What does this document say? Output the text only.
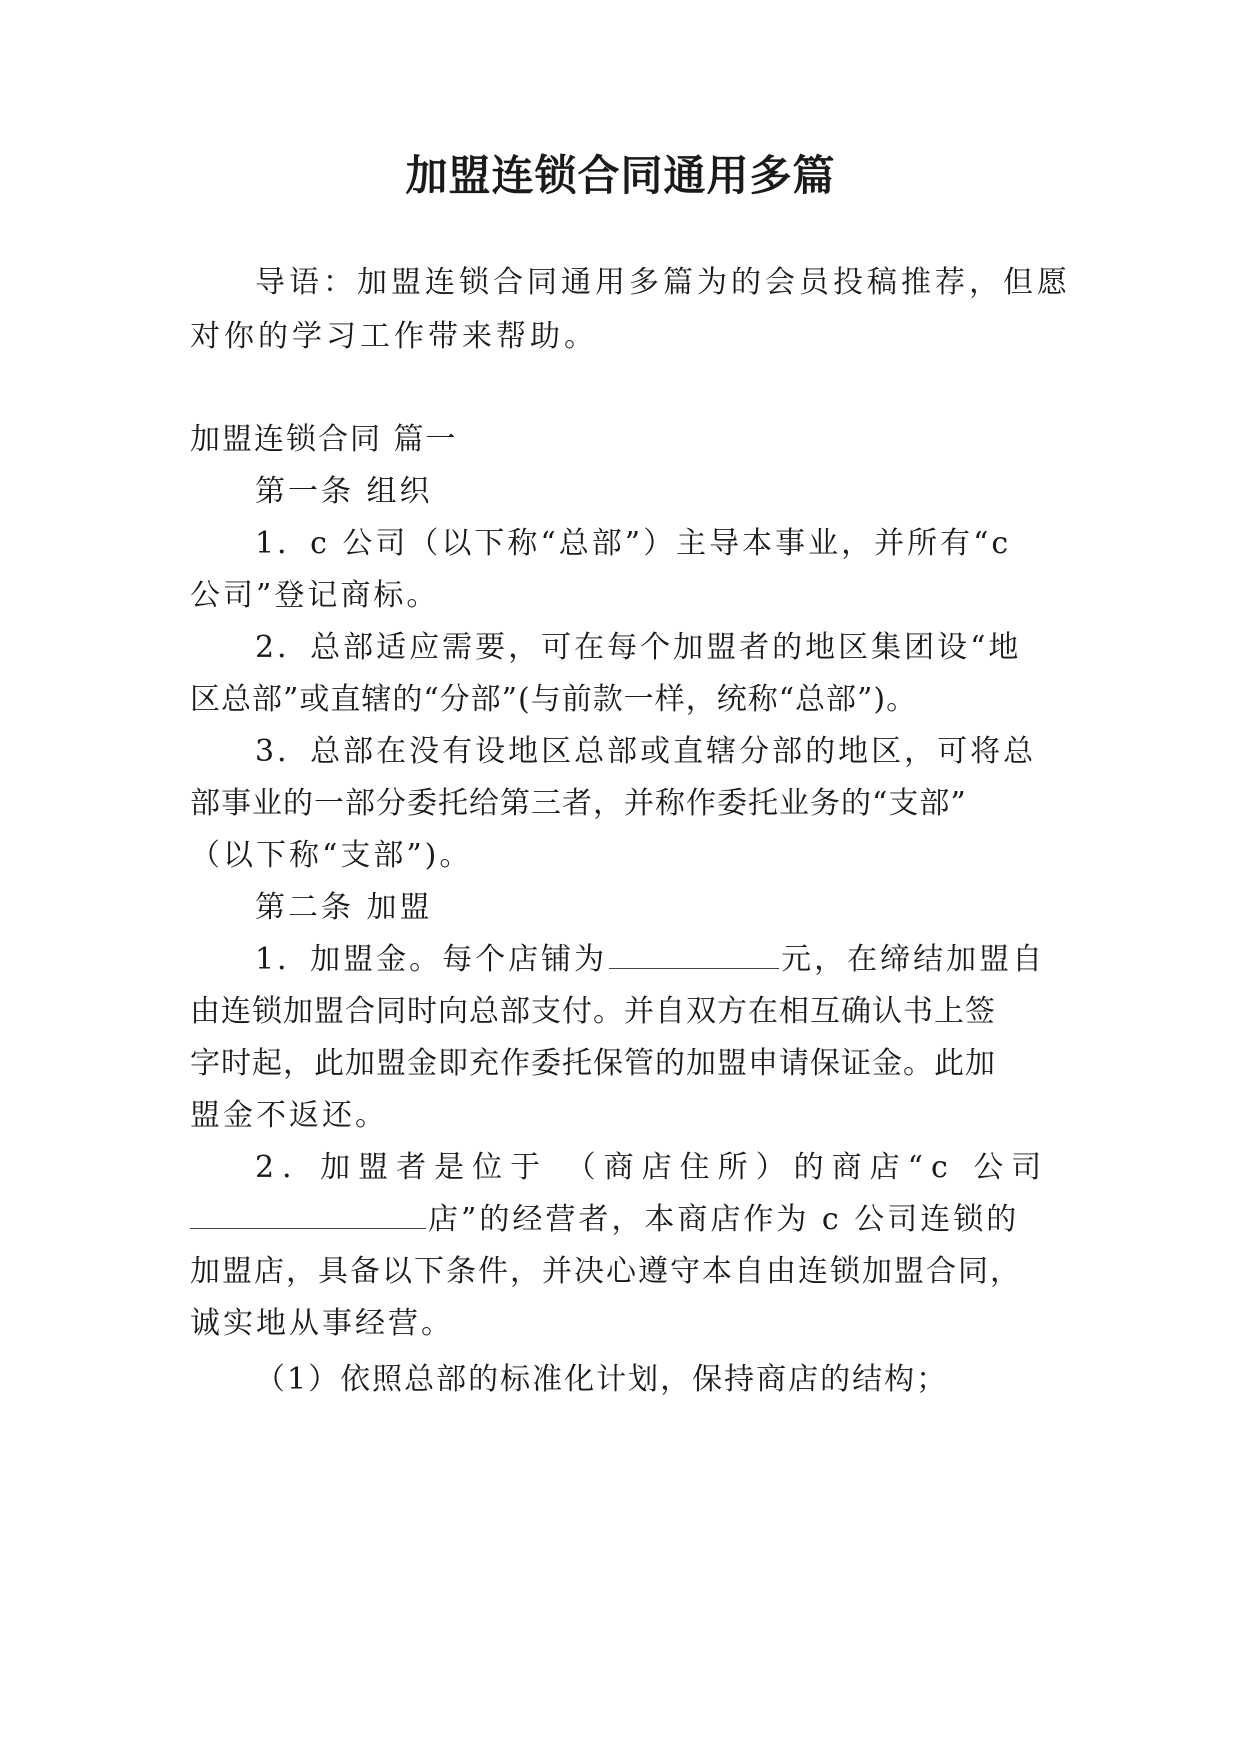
加盟连锁合同通用多篇
导语：加盟连锁合同通用多篇为的会员投稿推荐，但愿
对你的学习工作带来帮助。
加盟连锁合同 篇一
第一条 组织
1．c 公司（以下称“总部”）主导本事业，并所有“c
公司”登记商标。
2．总部适应需要，可在每个加盟者的地区集团设“地
区总部”或直辖的“分部”(与前款一样，统称“总部”)。
3．总部在没有设地区总部或直辖分部的地区，可将总
部事业的一部分委托给第三者，并称作委托业务的“支部”
（以下称“支部”)。
第二条 加盟
1．加盟金。每个店铺为	元，在缔结加盟自
由连锁加盟合同时向总部支付。并自双方在相互确认书上签
字时起，此加盟金即充作委托保管的加盟申请保证金。此加
盟金不返还。
2．加盟者是位于 （商店住所）的商店“c 公司
店”的经营者，本商店作为 c 公司连锁的
加盟店，具备以下条件，并决心遵守本自由连锁加盟合同，
诚实地从事经营。
（1）依照总部的标准化计划，保持商店的结构；
